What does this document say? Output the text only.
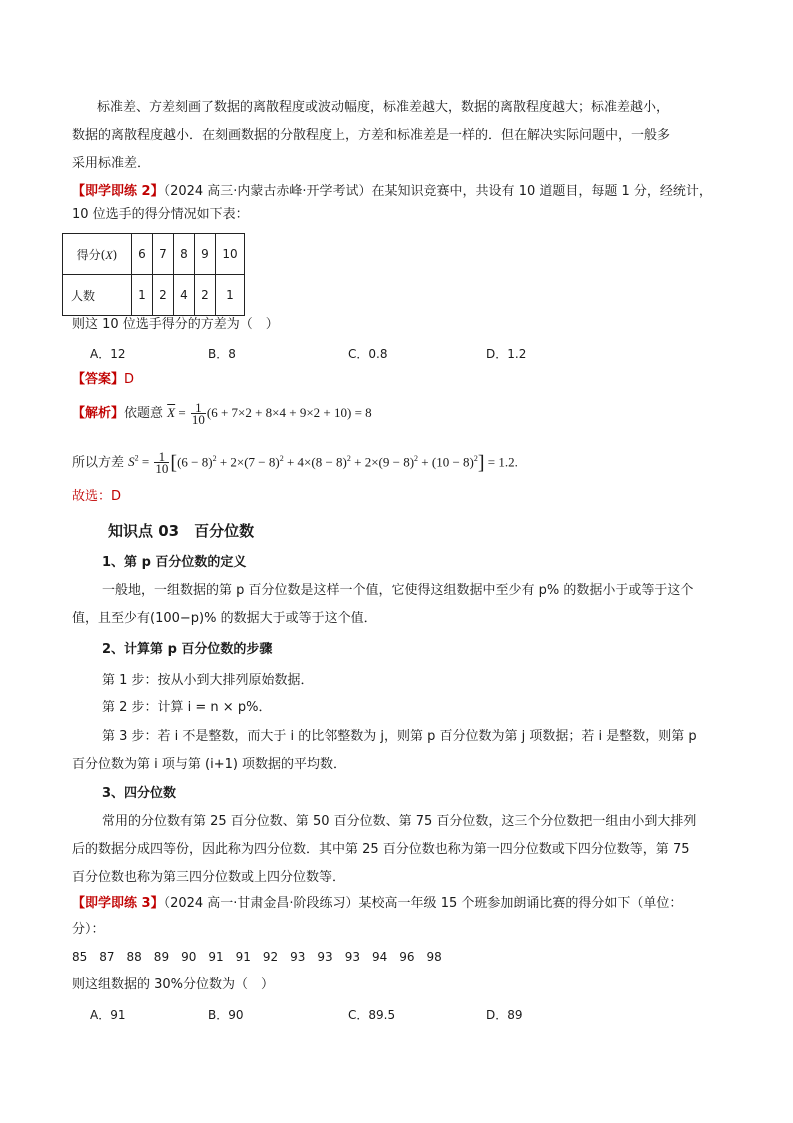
标准差、方差刻画了数据的离散程度或波动幅度，标准差越大，数据的离散程度越大；标准差越小，
数据的离散程度越小．在刻画数据的分散程度上，方差和标准差是一样的．但在解决实际问题中，一般多
采用标准差．
【即学即练 2】（2024 高三·内蒙古赤峰·开学考试）在某知识竞赛中，共设有 10 道题目，每题 1 分，经统计，
10 位选手的得分情况如下表：
得分(X)	6	7	8	9	10
人数	1	2	4	2	1
则这 10 位选手得分的方差为（　）
A．12	B．8	C．0.8	D．1.2
【答案】D
【解析】依题意 $\overline{X} = \frac{1}{10} (6 + 7\times 2 + 8\times 4 + 9\times 2 + 10) = 8$
所以方差 $S^2 = \frac{1}{10} [(6 - 8)^2 + 2\times(7 - 8)^2 + 4\times(8 - 8)^2 + 2\times(9 - 8)^2 + (10 - 8)^2] = 1.2$.
故选：D
知识点 03　百分位数
1、第 p 百分位数的定义
一般地，一组数据的第 p 百分位数是这样一个值，它使得这组数据中至少有 p% 的数据小于或等于这个
值，且至少有(100−p)% 的数据大于或等于这个值．
2、计算第 p 百分位数的步骤
第 1 步：按从小到大排列原始数据．
第 2 步：计算 i = n × p%．
第 3 步：若 i 不是整数，而大于 i 的比邻整数为 j，则第 p 百分位数为第 j 项数据；若 i 是整数，则第 p
百分位数为第 i 项与第 (i+1) 项数据的平均数．
3、四分位数
常用的分位数有第 25 百分位数、第 50 百分位数、第 75 百分位数，这三个分位数把一组由小到大排列
后的数据分成四等份，因此称为四分位数．其中第 25 百分位数也称为第一四分位数或下四分位数等，第 75
百分位数也称为第三四分位数或上四分位数等．
【即学即练 3】（2024 高一·甘肃金昌·阶段练习）某校高一年级 15 个班参加朗诵比赛的得分如下（单位：
分）：
85　87　88　89　90　91　91　92　93　93　93　94　96　98
则这组数据的 30%分位数为（　）
A．91	B．90	C．89.5	D．89
